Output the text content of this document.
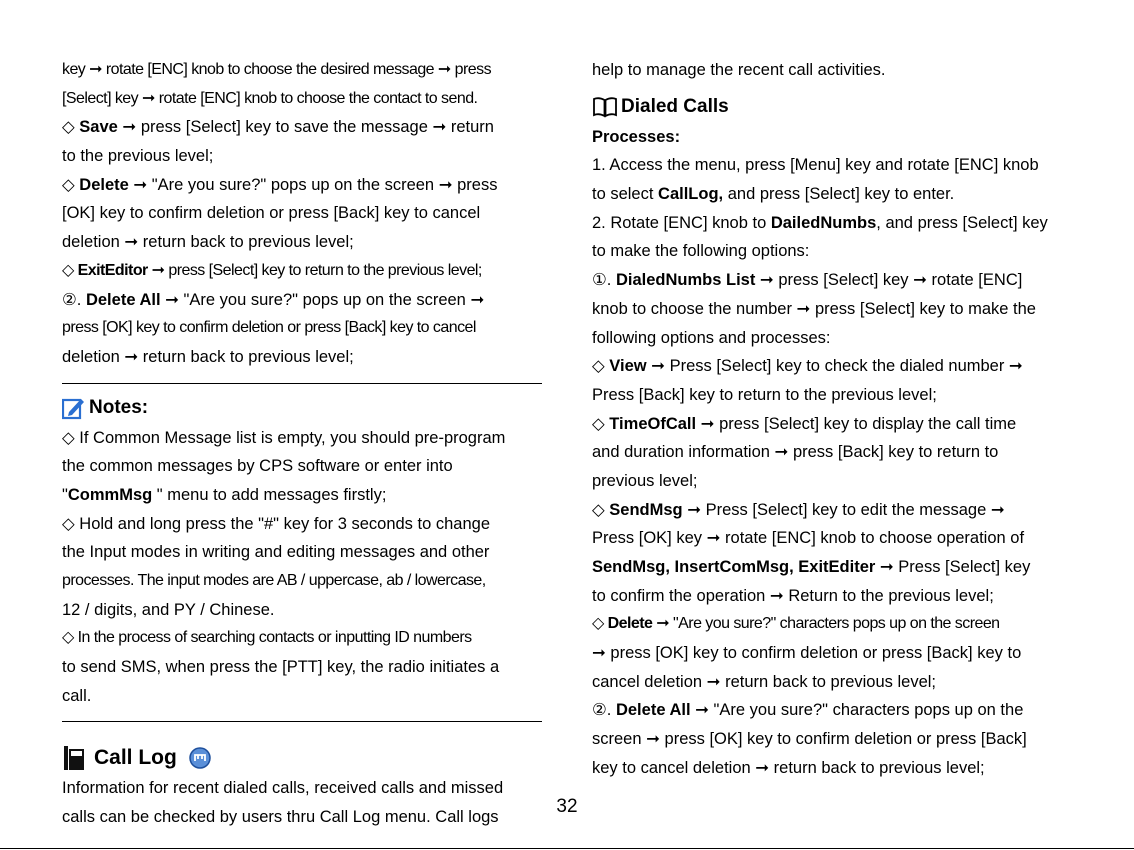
key ➞ rotate [ENC] knob to choose the desired message ➞ press
[Select] key ➞ rotate [ENC] knob to choose the contact to send.
◇ Save ➞ press [Select] key to save the message ➞ return
to the previous level;
◇ Delete ➞ "Are you sure?" pops up on the screen ➞ press
[OK] key to confirm deletion or press [Back] key to cancel
deletion ➞ return back to previous level;
◇ ExitEditor ➞ press [Select] key to return to the previous level;
②. Delete All ➞ "Are you sure?" pops up on the screen ➞
press [OK] key to confirm deletion or press [Back] key to cancel
deletion ➞ return back to previous level;
Notes:
◇ If Common Message list is empty, you should pre-program
the common messages by CPS software or enter into
"CommMsg " menu to add messages firstly;
◇ Hold and long press the "#" key for 3 seconds to change
the Input modes in writing and editing messages and other
processes. The input modes are AB / uppercase, ab / lowercase,
12 / digits, and PY / Chinese.
◇ In the process of searching contacts or inputting ID numbers
to send SMS, when press the [PTT] key, the radio initiates a
call.
Call Log
Information for recent dialed calls, received calls and missed
calls can be checked by users thru Call Log menu. Call logs
help to manage the recent call activities.
Dialed Calls
Processes:
1. Access the menu, press [Menu] key and rotate [ENC] knob
to select CallLog, and press [Select] key to enter.
2. Rotate [ENC] knob to DailedNumbs, and press [Select] key
to make the following options:
①. DialedNumbs List ➞ press [Select] key ➞ rotate [ENC]
knob to choose the number ➞ press [Select] key to make the
following options and processes:
◇ View ➞ Press [Select] key to check the dialed number ➞
Press [Back] key to return to the previous level;
◇ TimeOfCall ➞ press [Select] key to display the call time
and duration information ➞ press [Back] key to return to
previous level;
◇ SendMsg ➞ Press [Select] key to edit the message ➞
Press [OK] key ➞ rotate [ENC] knob to choose operation of
SendMsg, InsertComMsg, ExitEditer ➞ Press [Select] key
to confirm the operation ➞ Return to the previous level;
◇ Delete ➞ "Are you sure?" characters pops up on the screen
➞ press [OK] key to confirm deletion or press [Back] key to
cancel deletion ➞ return back to previous level;
②. Delete All ➞ "Are you sure?" characters pops up on the
screen ➞ press [OK] key to confirm deletion or press [Back]
key to cancel deletion ➞ return back to previous level;
32
